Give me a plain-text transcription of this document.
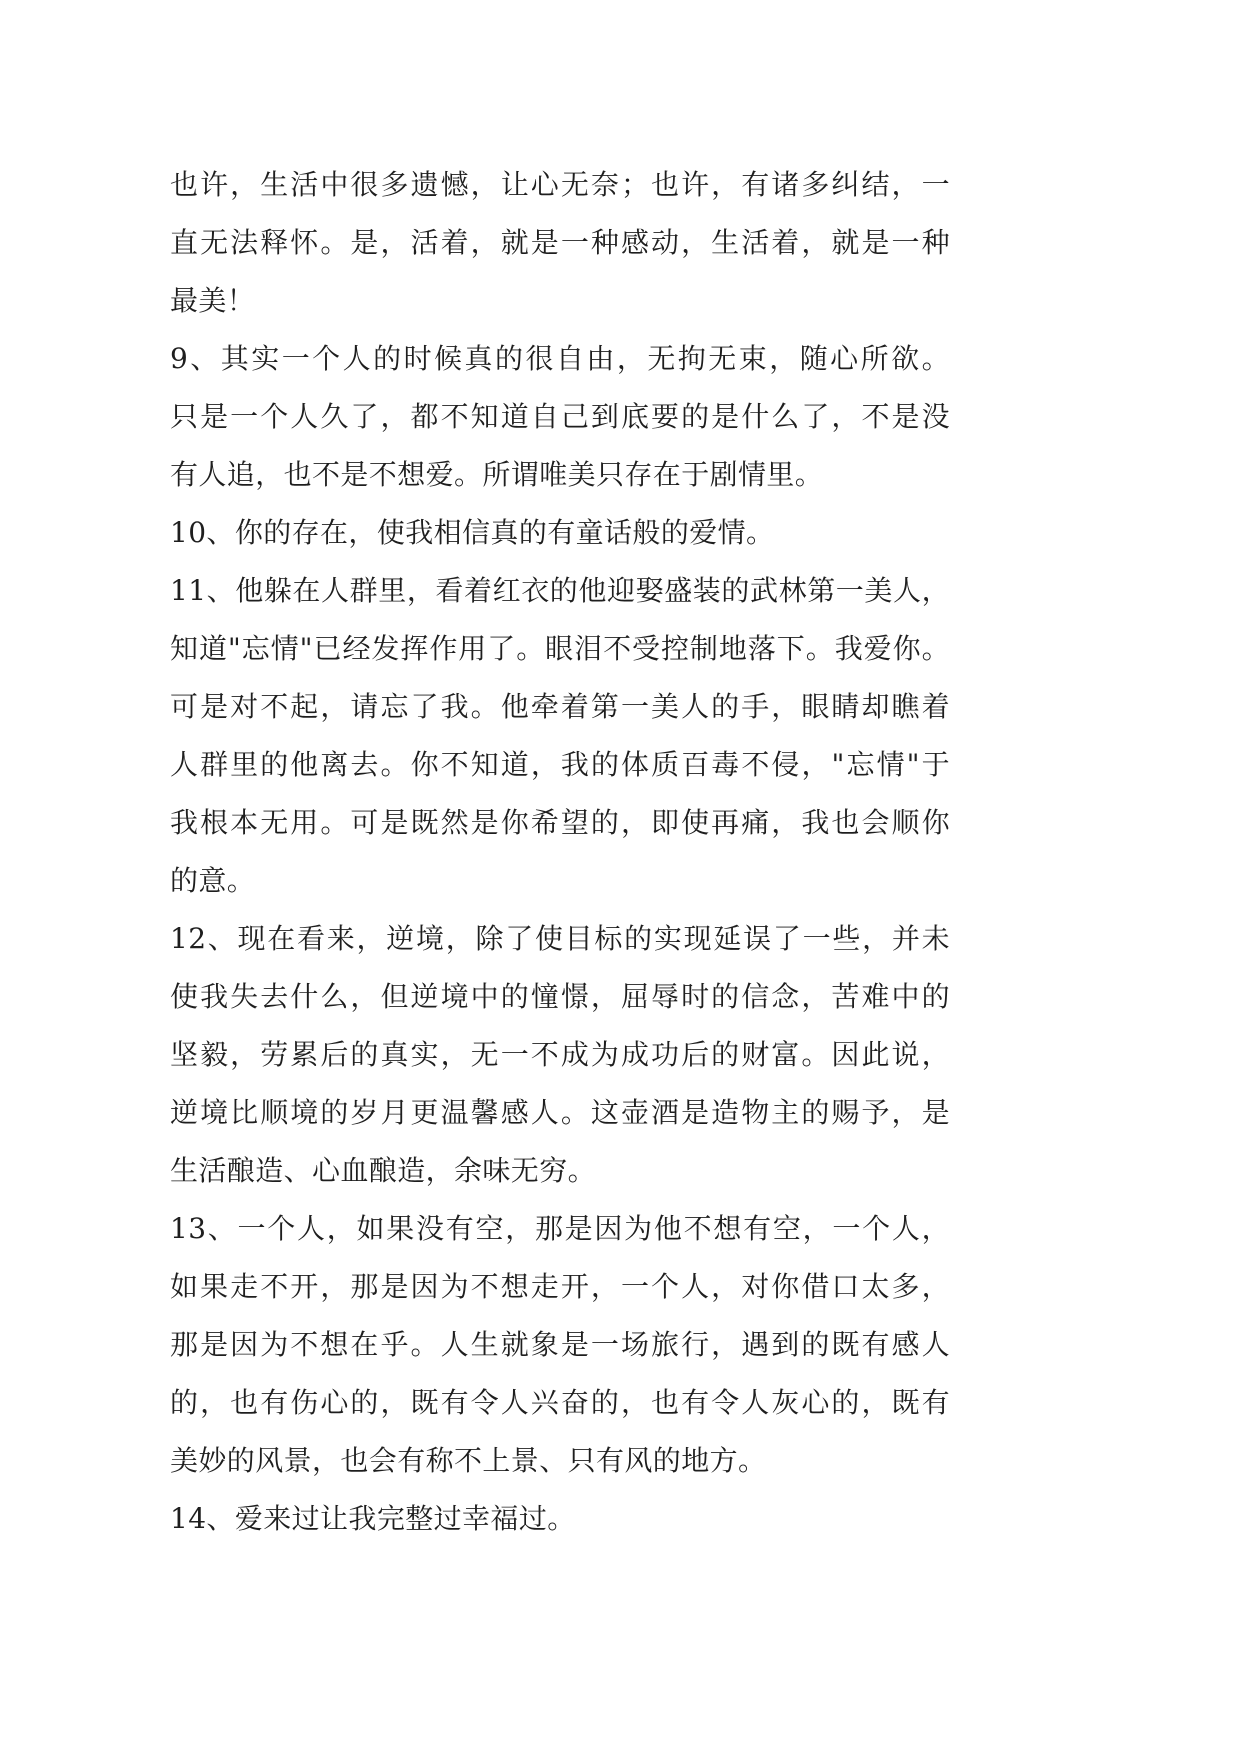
也许，生活中很多遗憾，让心无奈；也许，有诸多纠结，一
直无法释怀。是，活着，就是一种感动，生活着，就是一种
最美！
9、其实一个人的时候真的很自由，无拘无束，随心所欲。
只是一个人久了，都不知道自己到底要的是什么了，不是没
有人追，也不是不想爱。所谓唯美只存在于剧情里。
10、你的存在，使我相信真的有童话般的爱情。
11、他躲在人群里，看着红衣的他迎娶盛装的武林第一美人，
知道"忘情"已经发挥作用了。眼泪不受控制地落下。我爱你。
可是对不起，请忘了我。他牵着第一美人的手，眼睛却瞧着
人群里的他离去。你不知道，我的体质百毒不侵，"忘情"于
我根本无用。可是既然是你希望的，即使再痛，我也会顺你
的意。
12、现在看来，逆境，除了使目标的实现延误了一些，并未
使我失去什么，但逆境中的憧憬，屈辱时的信念，苦难中的
坚毅，劳累后的真实，无一不成为成功后的财富。因此说，
逆境比顺境的岁月更温馨感人。这壶酒是造物主的赐予，是
生活酿造、心血酿造，余味无穷。
13、一个人，如果没有空，那是因为他不想有空，一个人，
如果走不开，那是因为不想走开，一个人，对你借口太多，
那是因为不想在乎。人生就象是一场旅行，遇到的既有感人
的，也有伤心的，既有令人兴奋的，也有令人灰心的，既有
美妙的风景，也会有称不上景、只有风的地方。
14、爱来过让我完整过幸福过。
